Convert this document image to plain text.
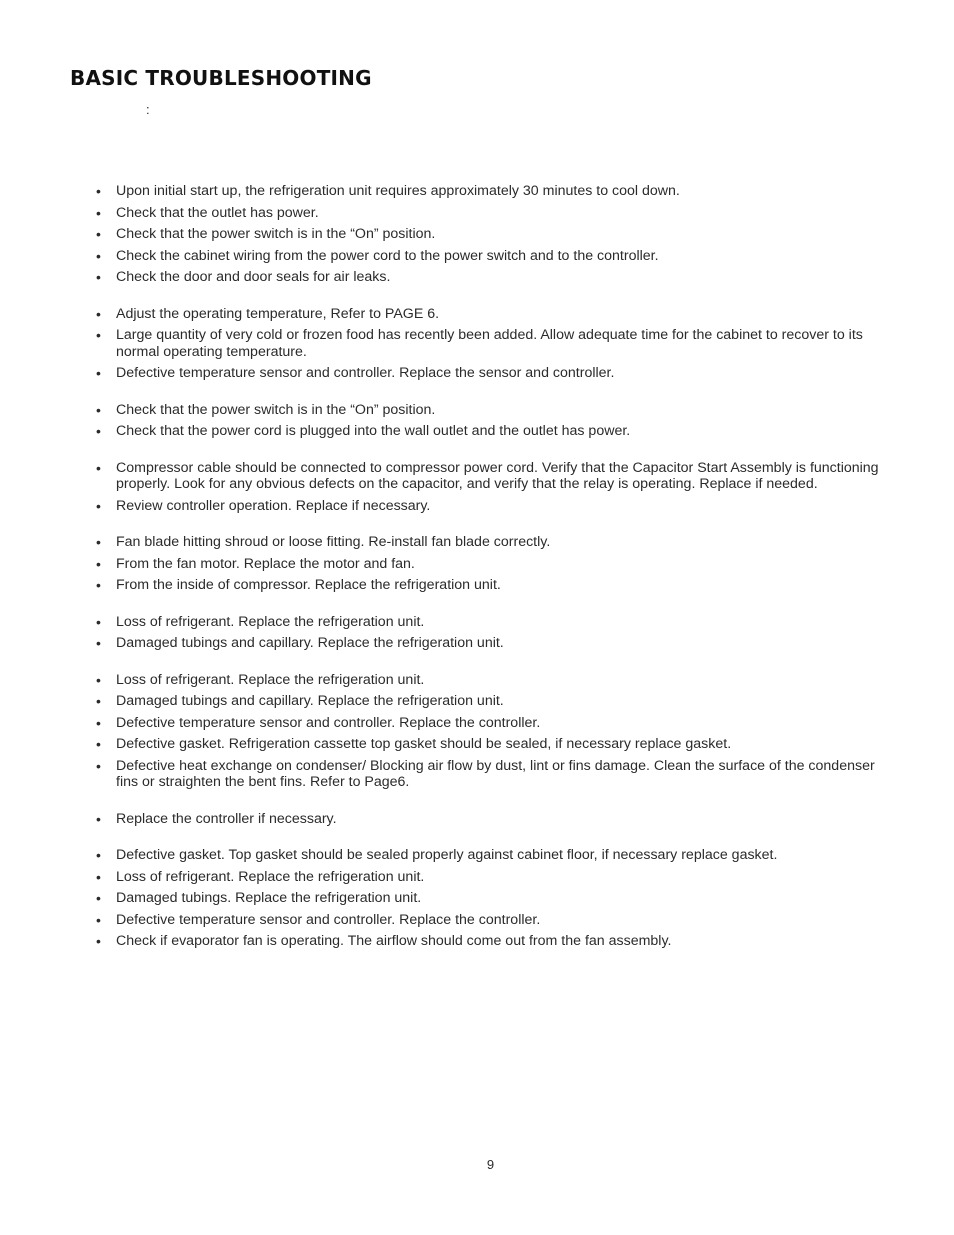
BASIC TROUBLESHOOTING
:
• Upon initial start up, the refrigeration unit requires approximately 30 minutes to cool down.
• Check that the outlet has power.
• Check that the power switch is in the “On” position.
• Check the cabinet wiring from the power cord to the power switch and to the controller.
• Check the door and door seals for air leaks.
• Adjust the operating temperature, Refer to PAGE 6.
• Large quantity of very cold or frozen food has recently been added. Allow adequate time for the cabinet to recover to its normal operating temperature.
• Defective temperature sensor and controller. Replace the sensor and controller.
• Check that the power switch is in the “On” position.
• Check that the power cord is plugged into the wall outlet and the outlet has power.
• Compressor cable should be connected to compressor power cord. Verify that the Capacitor Start Assembly is functioning properly. Look for any obvious defects on the capacitor, and verify that the relay is operating. Replace if needed.
• Review controller operation. Replace if necessary.
• Fan blade hitting shroud or loose fitting. Re-install fan blade correctly.
• From the fan motor. Replace the motor and fan.
• From the inside of compressor. Replace the refrigeration unit.
• Loss of refrigerant. Replace the refrigeration unit.
• Damaged tubings and capillary. Replace the refrigeration unit.
• Loss of refrigerant. Replace the refrigeration unit.
• Damaged tubings and capillary. Replace the refrigeration unit.
• Defective temperature sensor and controller. Replace the controller.
• Defective gasket. Refrigeration cassette top gasket should be sealed, if necessary replace gasket.
• Defective heat exchange on condenser/ Blocking air flow by dust, lint or fins damage. Clean the surface of the condenser fins or straighten the bent fins. Refer to Page6.
• Replace the controller if necessary.
• Defective gasket. Top gasket should be sealed properly against cabinet floor, if necessary replace gasket.
• Loss of refrigerant. Replace the refrigeration unit.
• Damaged tubings. Replace the refrigeration unit.
• Defective temperature sensor and controller. Replace the controller.
• Check if evaporator fan is operating. The airflow should come out from the fan assembly.
9
